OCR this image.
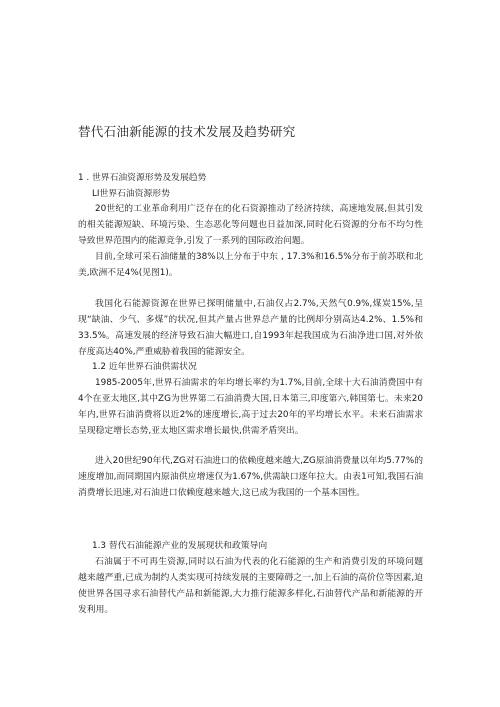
替代石油新能源的技术发展及趋势研究
1 . 世界石油资源形势及发展趋势
LI世界石油资源形势

20世纪的工业革命利用广泛存在的化石资源推动了经济持续、高速地发展,但其引发的相关能源短缺、环境污染、生态恶化等问题也日益加深,同时化石资源的分布不均匀性导致世界范围内的能源竞争,引发了一系列的国际政治问题。

目前,全球可采石油储量的38%以上分布于中东 , 17.3%和16.5%分布于前苏联和北美,欧洲不足4%(见图1)。

我国化石能源资源在世界已探明储量中,石油仅占2.7%,天然气0.9%,煤炭15%,呈现“缺油、少气、多煤”的状况,但其产量占世界总产量的比例却分别高达4.2%、1.5%和33.5%。高速发展的经济导致石油大幅进口,自1993年起我国成为石油净进口国,对外依存度高达40%,严重威胁着我国的能源安全。

1.2 近年世界石油供需状况

1985-2005年,世界石油需求的年均增长率约为1.7%,目前,全球十大石油消费国中有4个在亚太地区,其中ZG为世界第二石油消费大国,日本第三,印度第六,韩国第七。未来20年内,世界石油消费将以近2%的速度增长,高于过去20年的平均增长水平。未来石油需求呈现稳定增长态势,亚太地区需求增长最快,供需矛盾突出。

进入20世纪90年代,ZG对石油进口的依赖度越来越大,ZG原油消费量以年均5.77%的速度增加,而同期国内原油供应增速仅为1.67%,供需缺口逐年拉大。由表1可知,我国石油消费增长迅速,对石油进口依赖度越来越大,这已成为我国的一个基本国性。

1.3 替代石油能源产业的发展现状和政策导向

石油属于不可再生资源,同时以石油为代表的化石能源的生产和消费引发的环境问题越来越严重,已成为制约人类实现可持续发展的主要障碍之一,加上石油的高价位等因素,迫使世界各国寻求石油替代产品和新能源,大力推行能源多样化,石油替代产品和新能源的开发利用。
